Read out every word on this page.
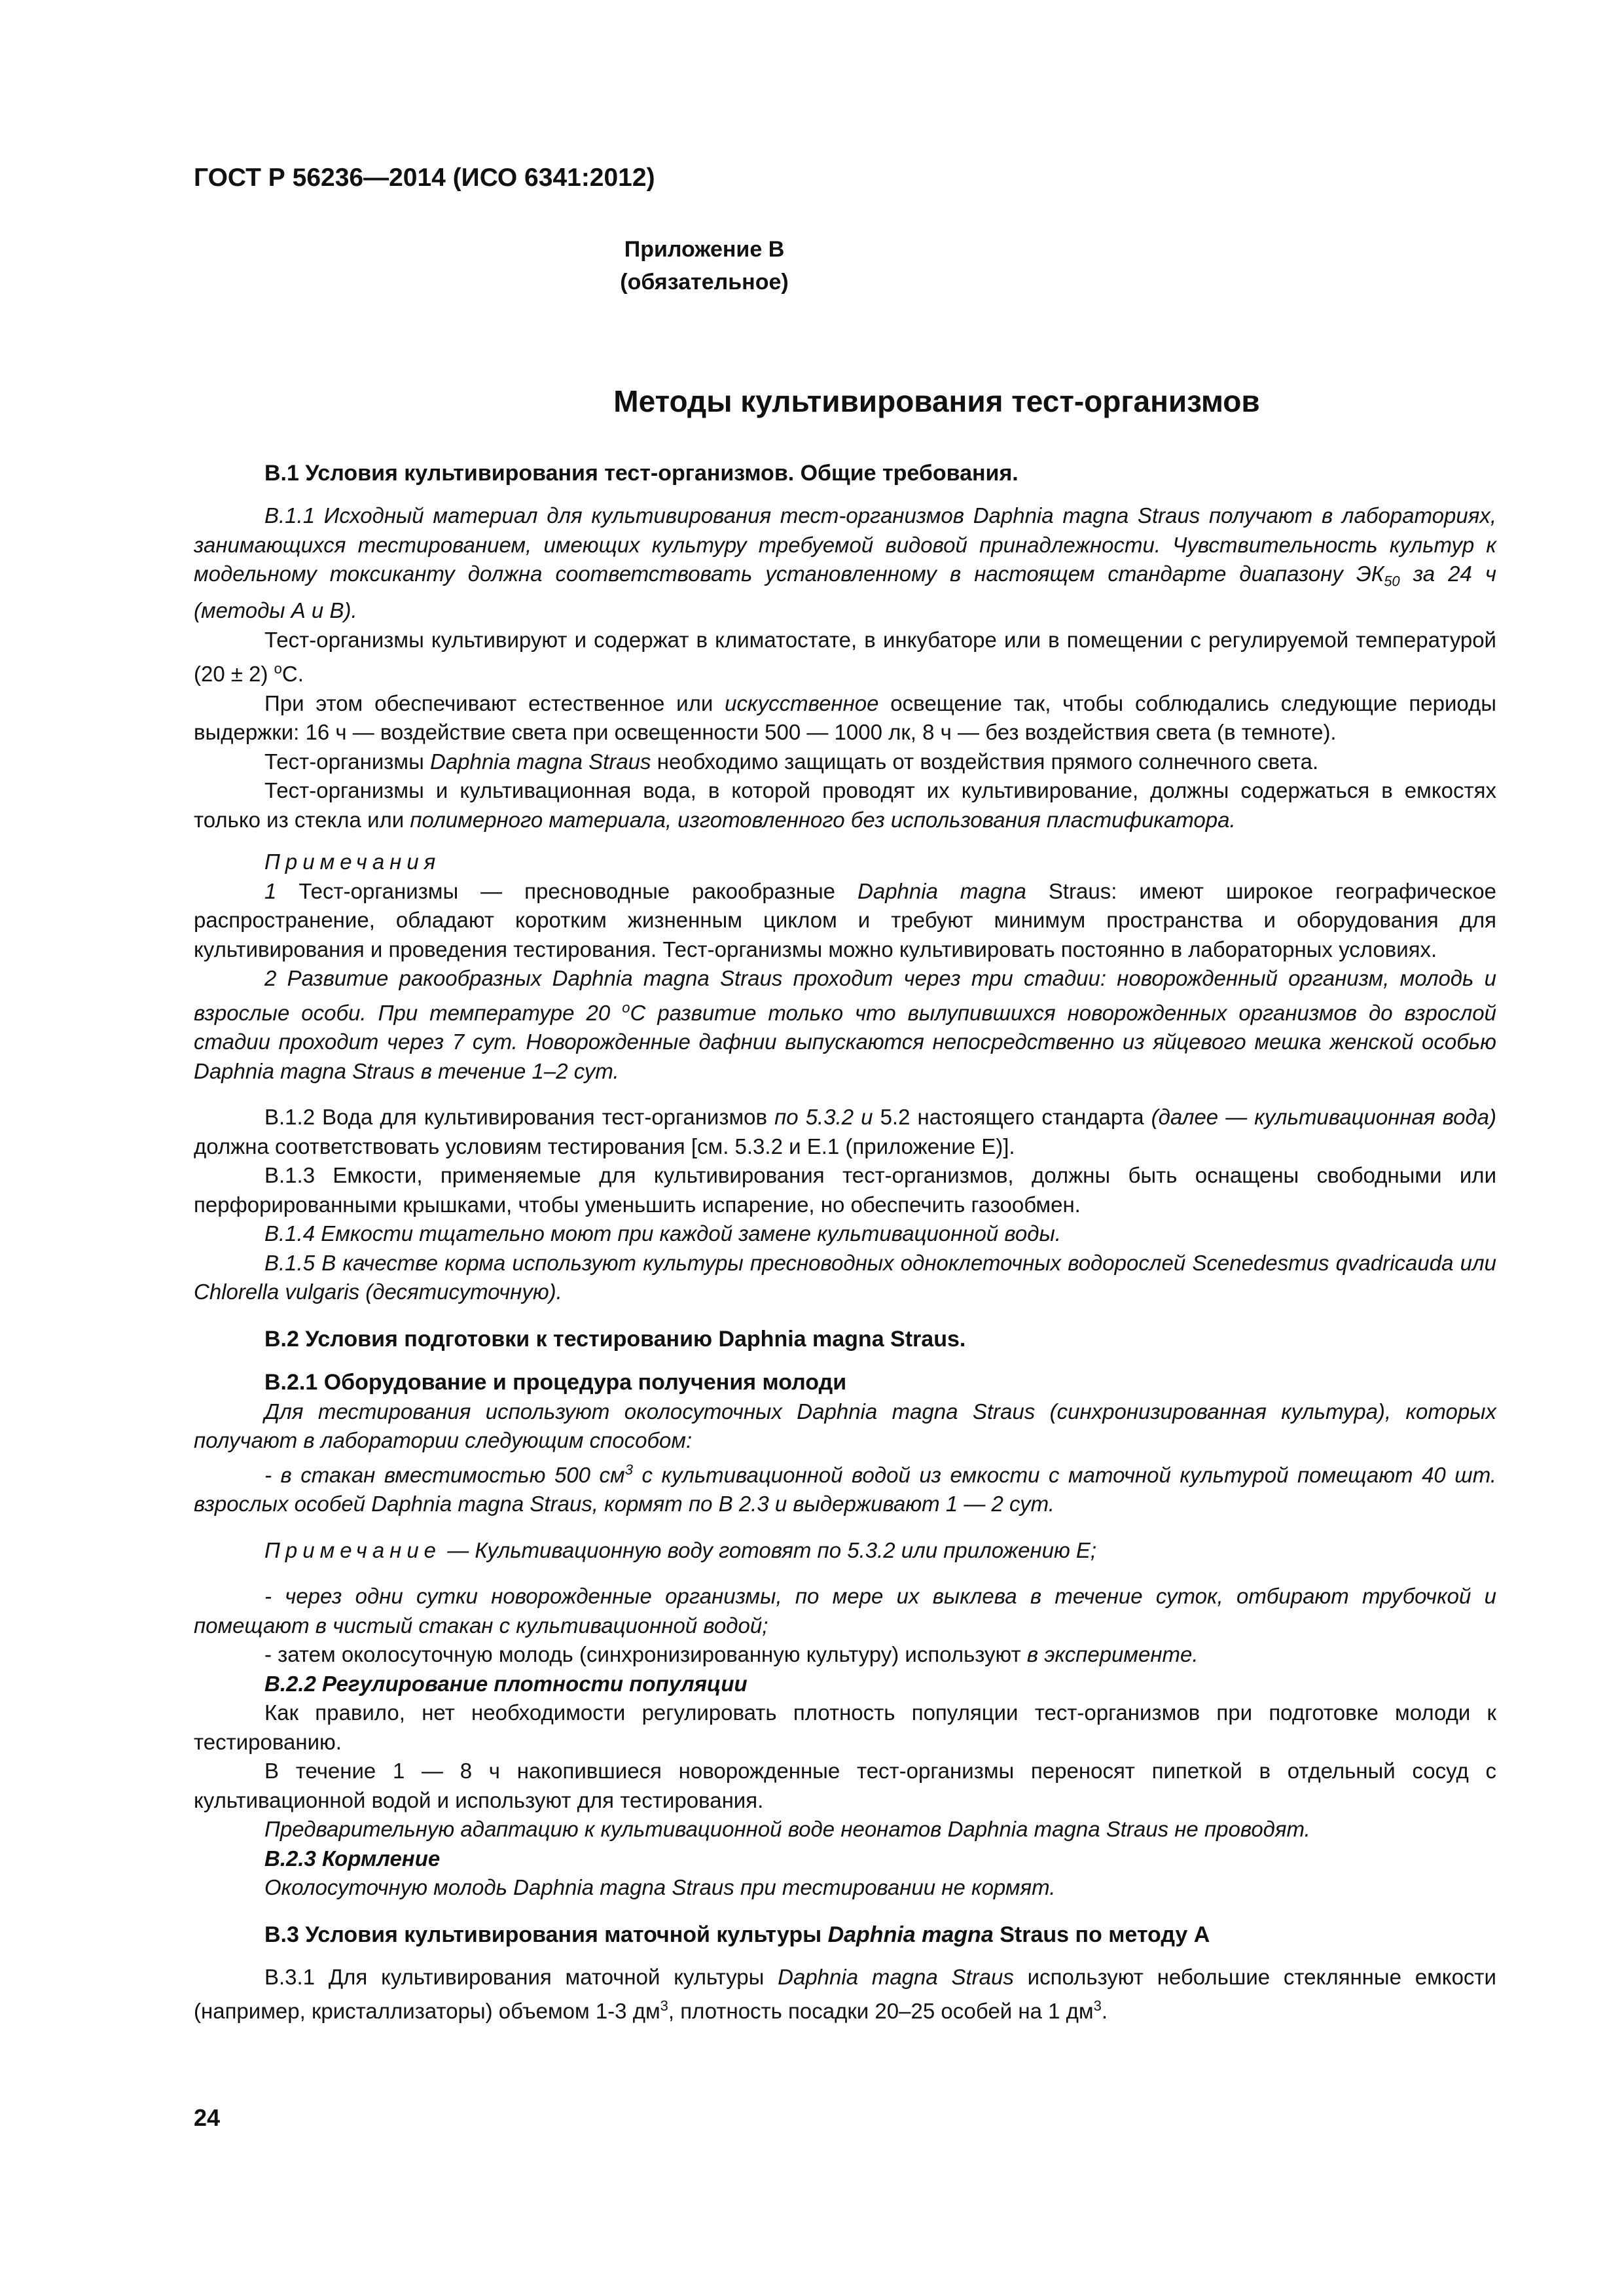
ГОСТ Р 56236—2014 (ИСО 6341:2012)
Приложение В
(обязательное)
Методы культивирования тест-организмов

В.1 Условия культивирования тест-организмов. Общие требования.

В.1.1 Исходный материал для культивирования тест-организмов Daphnia magna Straus получают в лабораториях, занимающихся тестированием, имеющих культуру требуемой видовой принадлежности. Чувствительность культур к модельному токсиканту должна соответствовать установленному в настоящем стандарте диапазону $ЭК_{50}$ за 24 ч (методы А и В).

Тест-организмы культивируют и содержат в климатостате, в инкубаторе или в помещении с регулируемой температурой (20 ± 2) $^о$С.

При этом обеспечивают естественное или искусственное освещение так, чтобы соблюдались следующие периоды выдержки: 16 ч — воздействие света при освещенности 500 — 1000 лк, 8 ч — без воздействия света (в темноте).

Тест-организмы Daphnia magna Straus необходимо защищать от воздействия прямого солнечного света.

Тест-организмы и культивационная вода, в которой проводят их культивирование, должны содержаться в емкостях только из стекла или полимерного материала, изготовленного без использования пластификатора.

Примечания

1 Тест-организмы — пресноводные ракообразные Daphnia magna Straus: имеют широкое географическое распространение, обладают коротким жизненным циклом и требуют минимум пространства и оборудования для культивирования и проведения тестирования. Тест-организмы можно культивировать постоянно в лабораторных условиях.

2 Развитие ракообразных Daphnia magna Straus проходит через три стадии: новорожденный организм, молодь и взрослые особи. При температуре 20 $^о$С развитие только что вылупившихся новорожденных организмов до взрослой стадии проходит через 7 сут. Новорожденные дафнии выпускаются непосредственно из яйцевого мешка женской особью Daphnia magna Straus в течение 1–2 сут.

В.1.2 Вода для культивирования тест-организмов по 5.3.2 и 5.2 настоящего стандарта (далее — культивационная вода) должна соответствовать условиям тестирования [см. 5.3.2 и Е.1 (приложение Е)].

В.1.3 Емкости, применяемые для культивирования тест-организмов, должны быть оснащены свободными или перфорированными крышками, чтобы уменьшить испарение, но обеспечить газообмен.

В.1.4 Емкости тщательно моют при каждой замене культивационной воды.

В.1.5 В качестве корма используют культуры пресноводных одноклеточных водорослей Scenedesmus qvadricauda или Chlorella vulgaris (десятисуточную).

В.2 Условия подготовки к тестированию Daphnia magna Straus.

В.2.1 Оборудование и процедура получения молоди

Для тестирования используют околосуточных Daphnia magna Straus (синхронизированная культура), которых получают в лаборатории следующим способом:

- в стакан вместимостью 500 $см^3$ с культивационной водой из емкости с маточной культурой помещают 40 шт. взрослых особей Daphnia magna Straus, кормят по В 2.3 и выдерживают 1 — 2 сут.

Примечание — Культивационную воду готовят по 5.3.2 или приложению Е;

- через одни сутки новорожденные организмы, по мере их выклева в течение суток, отбирают трубочкой и помещают в чистый стакан с культивационной водой;

- затем околосуточную молодь (синхронизированную культуру) используют в эксперименте.

В.2.2 Регулирование плотности популяции

Как правило, нет необходимости регулировать плотность популяции тест-организмов при подготовке молоди к тестированию.

В течение 1 — 8 ч накопившиеся новорожденные тест-организмы переносят пипеткой в отдельный сосуд с культивационной водой и используют для тестирования.

Предварительную адаптацию к культивационной воде неонатов Daphnia magna Straus не проводят.

В.2.3 Кормление

Околосуточную молодь Daphnia magna Straus при тестировании не кормят.

В.3 Условия культивирования маточной культуры Daphnia magna Straus по методу А

В.3.1 Для культивирования маточной культуры Daphnia magna Straus используют небольшие стеклянные емкости (например, кристаллизаторы) объемом 1-3 $дм^3$, плотность посадки 20–25 особей на 1 $дм^3$.

24
